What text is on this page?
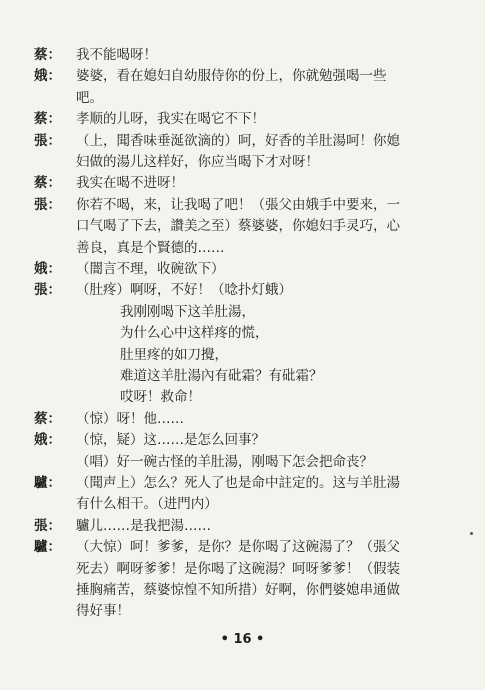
蔡： 我不能喝呀！
娥： 婆婆，看在媳妇自幼服侍你的份上，你就勉强喝一些
吧。
蔡： 孝顺的儿呀，我实在喝它不下！
張： （上，聞香味垂涎欲滴的）呵，好香的羊肚湯呵！你媳
妇做的湯儿这样好，你应当喝下才对呀！
蔡： 我实在喝不进呀！
張： 你若不喝，来，让我喝了吧！（張父由娥手中要来，一
口气喝了下去，讚美之至）蔡婆婆，你媳妇手灵巧，心
善良，真是个賢德的……
娥： （闇言不理，收碗欲下）
張： （肚疼）啊呀，不好！（唸扑灯蛾）
我刚刚喝下这羊肚湯，
为什么心中这样疼的慌，
肚里疼的如刀攪，
难道这羊肚湯內有砒霜？有砒霜？
哎呀！救命！
蔡： （惊）呀！他……
娥： （惊，疑）这……是怎么回事？
（唱）好一碗古怪的羊肚湯，刚喝下怎会把命丧？
驢： （聞声上）怎么？死人了也是命中註定的。这与羊肚湯
有什么相干。（进門内）
張： 驢儿……是我把湯……
驢： （大惊）呵！爹爹，是你？是你喝了这碗湯了？（張父
死去）啊呀爹爹！是你喝了这碗湯？呵呀爹爹！（假装
捶胸痛苦，蔡婆惊惶不知所措）好啊，你們婆媳串通做
得好事！
• 16 •
